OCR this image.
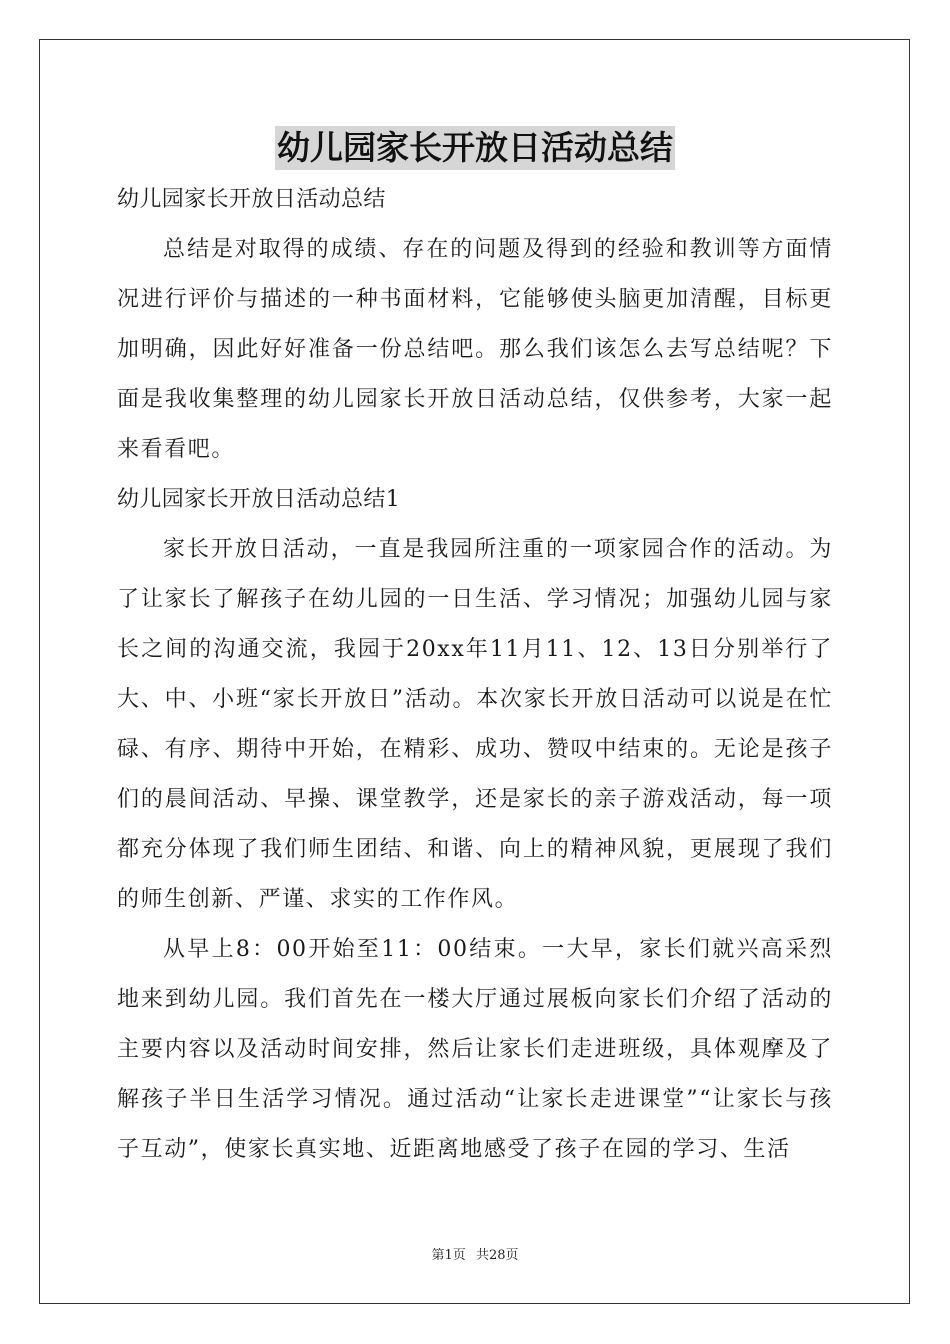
幼儿园家长开放日活动总结

幼儿园家长开放日活动总结

总结是对取得的成绩、存在的问题及得到的经验和教训等方面情况进行评价与描述的一种书面材料，它能够使头脑更加清醒，目标更加明确，因此好好准备一份总结吧。那么我们该怎么去写总结呢？下面是我收集整理的幼儿园家长开放日活动总结，仅供参考，大家一起来看看吧。

幼儿园家长开放日活动总结1

家长开放日活动，一直是我园所注重的一项家园合作的活动。为了让家长了解孩子在幼儿园的一日生活、学习情况；加强幼儿园与家长之间的沟通交流，我园于20xx年11月11、12、13日分别举行了大、中、小班“家长开放日”活动。本次家长开放日活动可以说是在忙碌、有序、期待中开始，在精彩、成功、赞叹中结束的。无论是孩子们的晨间活动、早操、课堂教学，还是家长的亲子游戏活动，每一项都充分体现了我们师生团结、和谐、向上的精神风貌，更展现了我们的师生创新、严谨、求实的工作作风。

从早上8：00开始至11：00结束。一大早，家长们就兴高采烈地来到幼儿园。我们首先在一楼大厅通过展板向家长们介绍了活动的主要内容以及活动时间安排，然后让家长们走进班级，具体观摩及了解孩子半日生活学习情况。通过活动“让家长走进课堂”“让家长与孩子互动”，使家长真实地、近距离地感受了孩子在园的学习、生活

第1页 共28页
